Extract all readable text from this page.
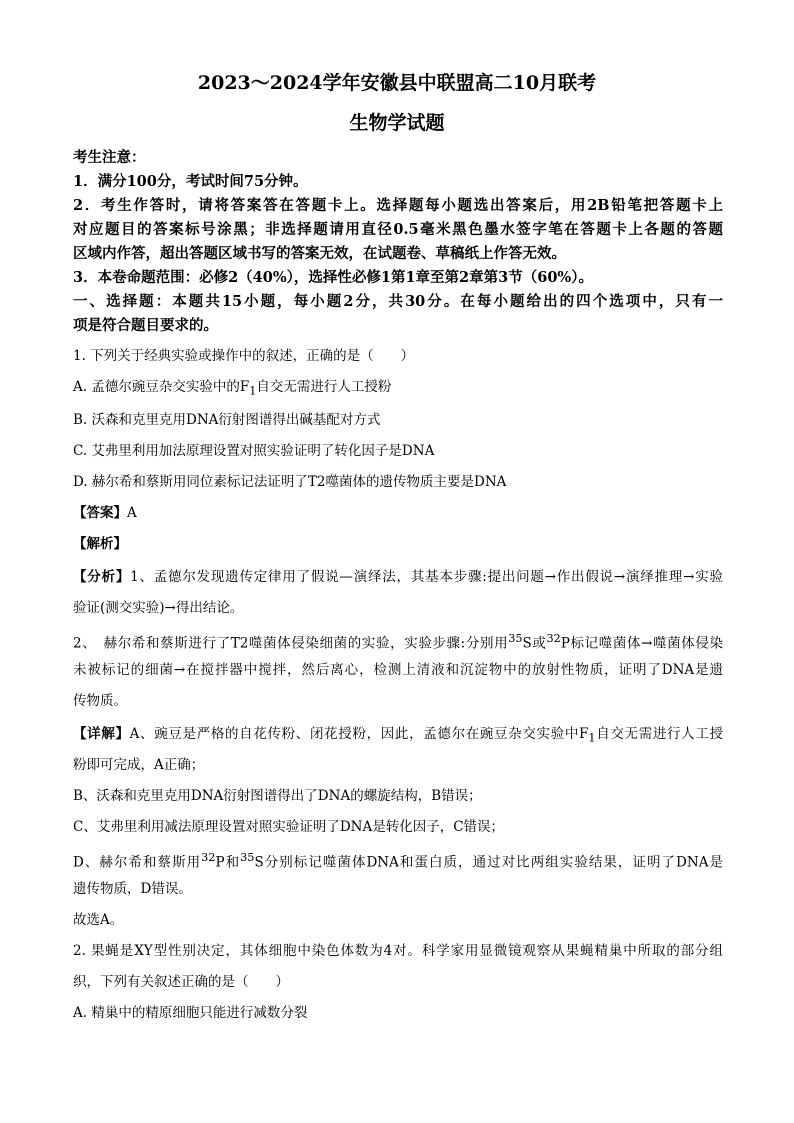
2023～2024学年安徽县中联盟高二10月联考
生物学试题
考生注意：
1．满分100分，考试时间75分钟。
2．考生作答时，请将答案答在答题卡上。选择题每小题选出答案后，用2B铅笔把答题卡上
对应题目的答案标号涂黑；非选择题请用直径0.5毫米黑色墨水签字笔在答题卡上各题的答题
区域内作答，超出答题区域书写的答案无效，在试题卷、草稿纸上作答无效。
3．本卷命题范围：必修2（40%），选择性必修1第1章至第2章第3节（60%）。
一、选择题：本题共15小题，每小题2分，共30分。在每小题给出的四个选项中，只有一
项是符合题目要求的。
1. 下列关于经典实验或操作中的叙述，正确的是（　　）
A. 孟德尔豌豆杂交实验中的$F_1$自交无需进行人工授粉
B. 沃森和克里克用DNA衍射图谱得出碱基配对方式
C. 艾弗里利用加法原理设置对照实验证明了转化因子是DNA
D. 赫尔希和蔡斯用同位素标记法证明了T2噬菌体的遗传物质主要是DNA
【答案】A
【解析】
【分析】1、孟德尔发现遗传定律用了假说—演绎法，其基本步骤:提出问题→作出假说→演绎推理→实验
验证(测交实验)→得出结论。
2、　赫尔希和蔡斯进行了T2噬菌体侵染细菌的实验，实验步骤:分别用$^{35}$S或$^{32}$P标记噬菌体→噬菌体侵染
未被标记的细菌→在搅拌器中搅拌，然后离心，检测上清液和沉淀物中的放射性物质，证明了DNA是遗
传物质。
【详解】A、豌豆是严格的自花传粉、闭花授粉，因此，孟德尔在豌豆杂交实验中$F_1$自交无需进行人工授
粉即可完成，A正确；
B、沃森和克里克用DNA衍射图谱得出了DNA的螺旋结构，B错误；
C、艾弗里利用减法原理设置对照实验证明了DNA是转化因子，C错误；
D、赫尔希和蔡斯用$^{32}$P和$^{35}$S分别标记噬菌体DNA和蛋白质，通过对比两组实验结果，证明了DNA是
遗传物质，D错误。
故选A。
2. 果蝇是XY型性别决定，其体细胞中染色体数为4对。科学家用显微镜观察从果蝇精巢中所取的部分组
织，下列有关叙述正确的是（　　）
A. 精巢中的精原细胞只能进行减数分裂
